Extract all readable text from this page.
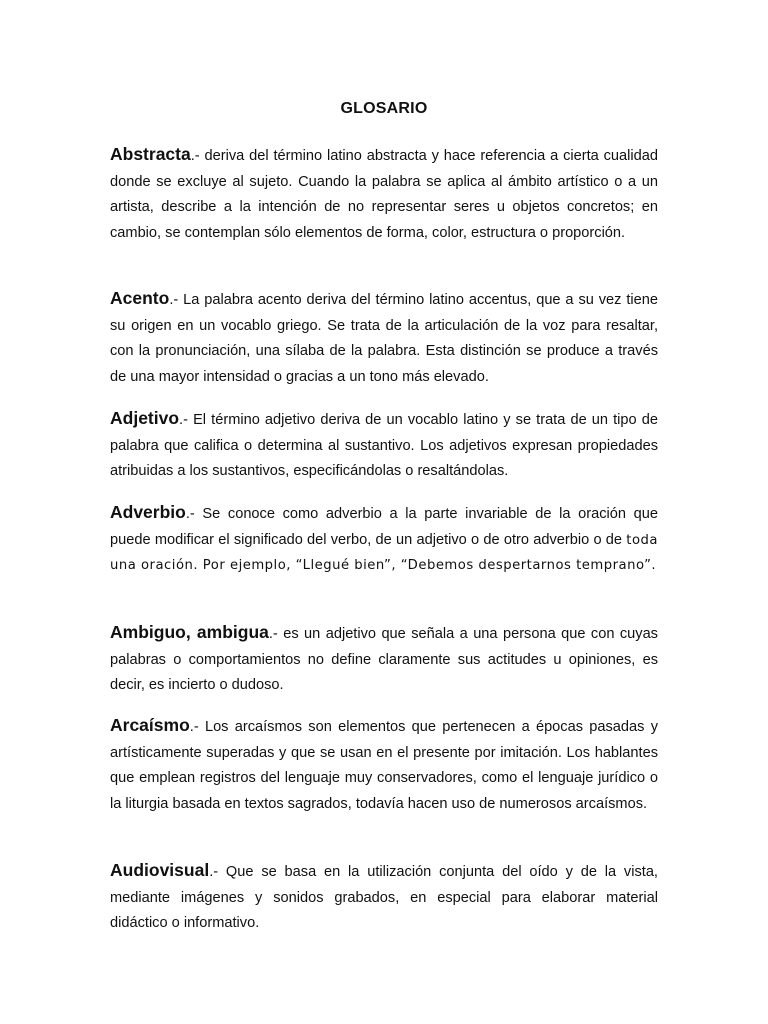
GLOSARIO

Abstracta.- deriva del término latino abstracta y hace referencia a cierta cualidad donde se excluye al sujeto. Cuando la palabra se aplica al ámbito artístico o a un artista, describe a la intención de no representar seres u objetos concretos; en cambio, se contemplan sólo elementos de forma, color, estructura o proporción.

Acento.- La palabra acento deriva del término latino accentus, que a su vez tiene su origen en un vocablo griego. Se trata de la articulación de la voz para resaltar, con la pronunciación, una sílaba de la palabra. Esta distinción se produce a través de una mayor intensidad o gracias a un tono más elevado.

Adjetivo.- El término adjetivo deriva de un vocablo latino y se trata de un tipo de palabra que califica o determina al sustantivo. Los adjetivos expresan propiedades atribuidas a los sustantivos, especificándolas o resaltándolas.

Adverbio.- Se conoce como adverbio a la parte invariable de la oración que puede modificar el significado del verbo, de un adjetivo o de otro adverbio o de toda una oración. Por ejemplo, “Llegué bien”, “Debemos despertarnos temprano”.

Ambiguo, ambigua.- es un adjetivo que señala a una persona que con cuyas palabras o comportamientos no define claramente sus actitudes u opiniones, es decir, es incierto o dudoso.

Arcaísmo.- Los arcaísmos son elementos que pertenecen a épocas pasadas y artísticamente superadas y que se usan en el presente por imitación. Los hablantes que emplean registros del lenguaje muy conservadores, como el lenguaje jurídico o la liturgia basada en textos sagrados, todavía hacen uso de numerosos arcaísmos.

Audiovisual.- Que se basa en la utilización conjunta del oído y de la vista, mediante imágenes y sonidos grabados, en especial para elaborar material didáctico o informativo.
